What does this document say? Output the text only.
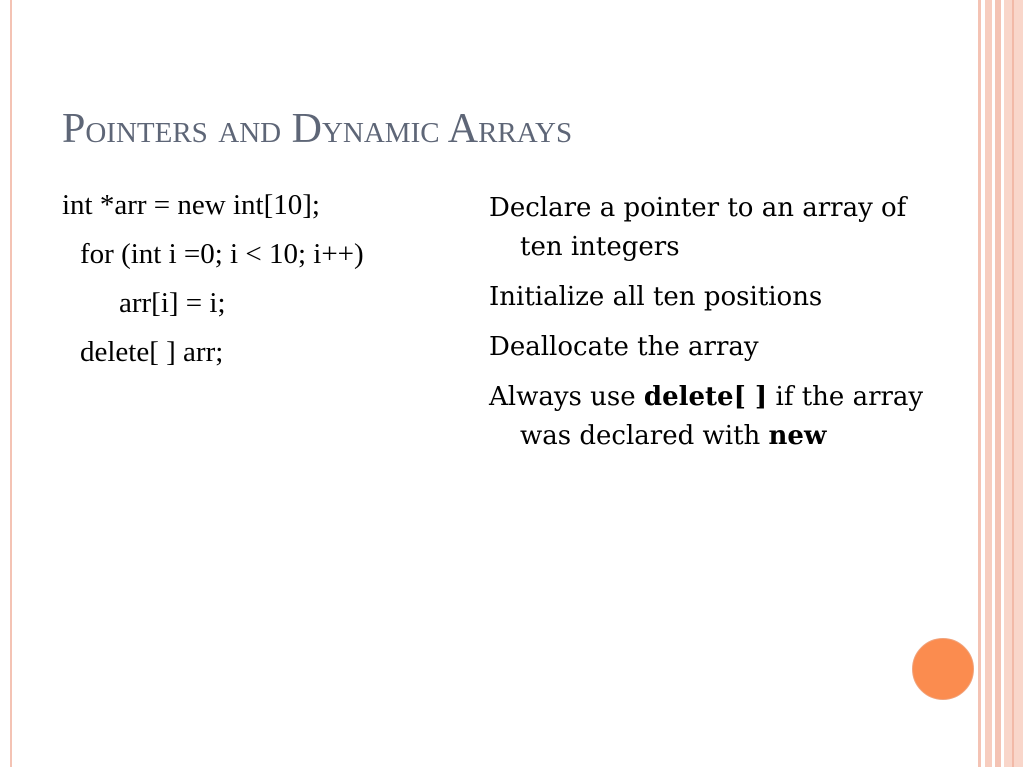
Pointers and Dynamic Arrays
int *arr = new int[10];
for (int i =0; i < 10; i++)
arr[i] = i;
delete[ ] arr;

Declare a pointer to an array of ten integers

Initialize all ten positions

Deallocate the array

Always use delete[ ] if the array was declared with new
